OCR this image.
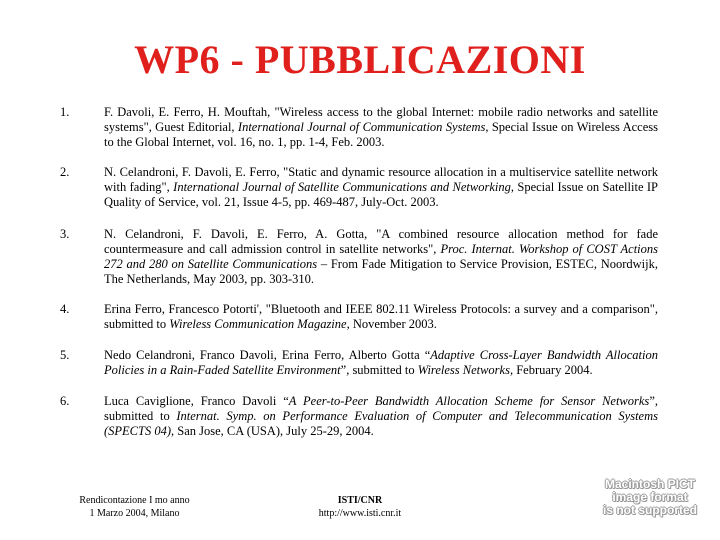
WP6 - PUBBLICAZIONI
1.	F. Davoli, E. Ferro, H. Mouftah, "Wireless access to the global Internet: mobile radio networks and satellite systems", Guest Editorial, International Journal of Communication Systems, Special Issue on Wireless Access to the Global Internet, vol. 16, no. 1, pp. 1-4, Feb. 2003.
2.	N. Celandroni, F. Davoli, E. Ferro, "Static and dynamic resource allocation in a multiservice satellite network with fading", International Journal of Satellite Communications and Networking, Special Issue on Satellite IP Quality of Service, vol. 21, Issue 4-5, pp. 469-487, July-Oct. 2003.
3.	N. Celandroni, F. Davoli, E. Ferro, A. Gotta, "A combined resource allocation method for fade countermeasure and call admission control in satellite networks", Proc. Internat. Workshop of COST Actions 272 and 280 on Satellite Communications – From Fade Mitigation to Service Provision, ESTEC, Noordwijk, The Netherlands, May 2003, pp. 303-310.
4.	Erina Ferro, Francesco Potorti', "Bluetooth and IEEE 802.11 Wireless Protocols: a survey and a comparison", submitted to Wireless Communication Magazine, November 2003.
5.	Nedo Celandroni, Franco Davoli, Erina Ferro, Alberto Gotta “Adaptive Cross-Layer Bandwidth Allocation Policies in a Rain-Faded Satellite Environment”, submitted to Wireless Networks, February 2004.
6.	Luca Caviglione, Franco Davoli “A Peer-to-Peer Bandwidth Allocation Scheme for Sensor Networks”, submitted to Internat. Symp. on Performance Evaluation of Computer and Telecommunication Systems (SPECTS 04), San Jose, CA (USA), July 25-29, 2004.
Rendicontazione I mo anno
1 Marzo 2004, Milano
ISTI/CNR
http://www.isti.cnr.it
Macintosh PICT
image format
is not supported
